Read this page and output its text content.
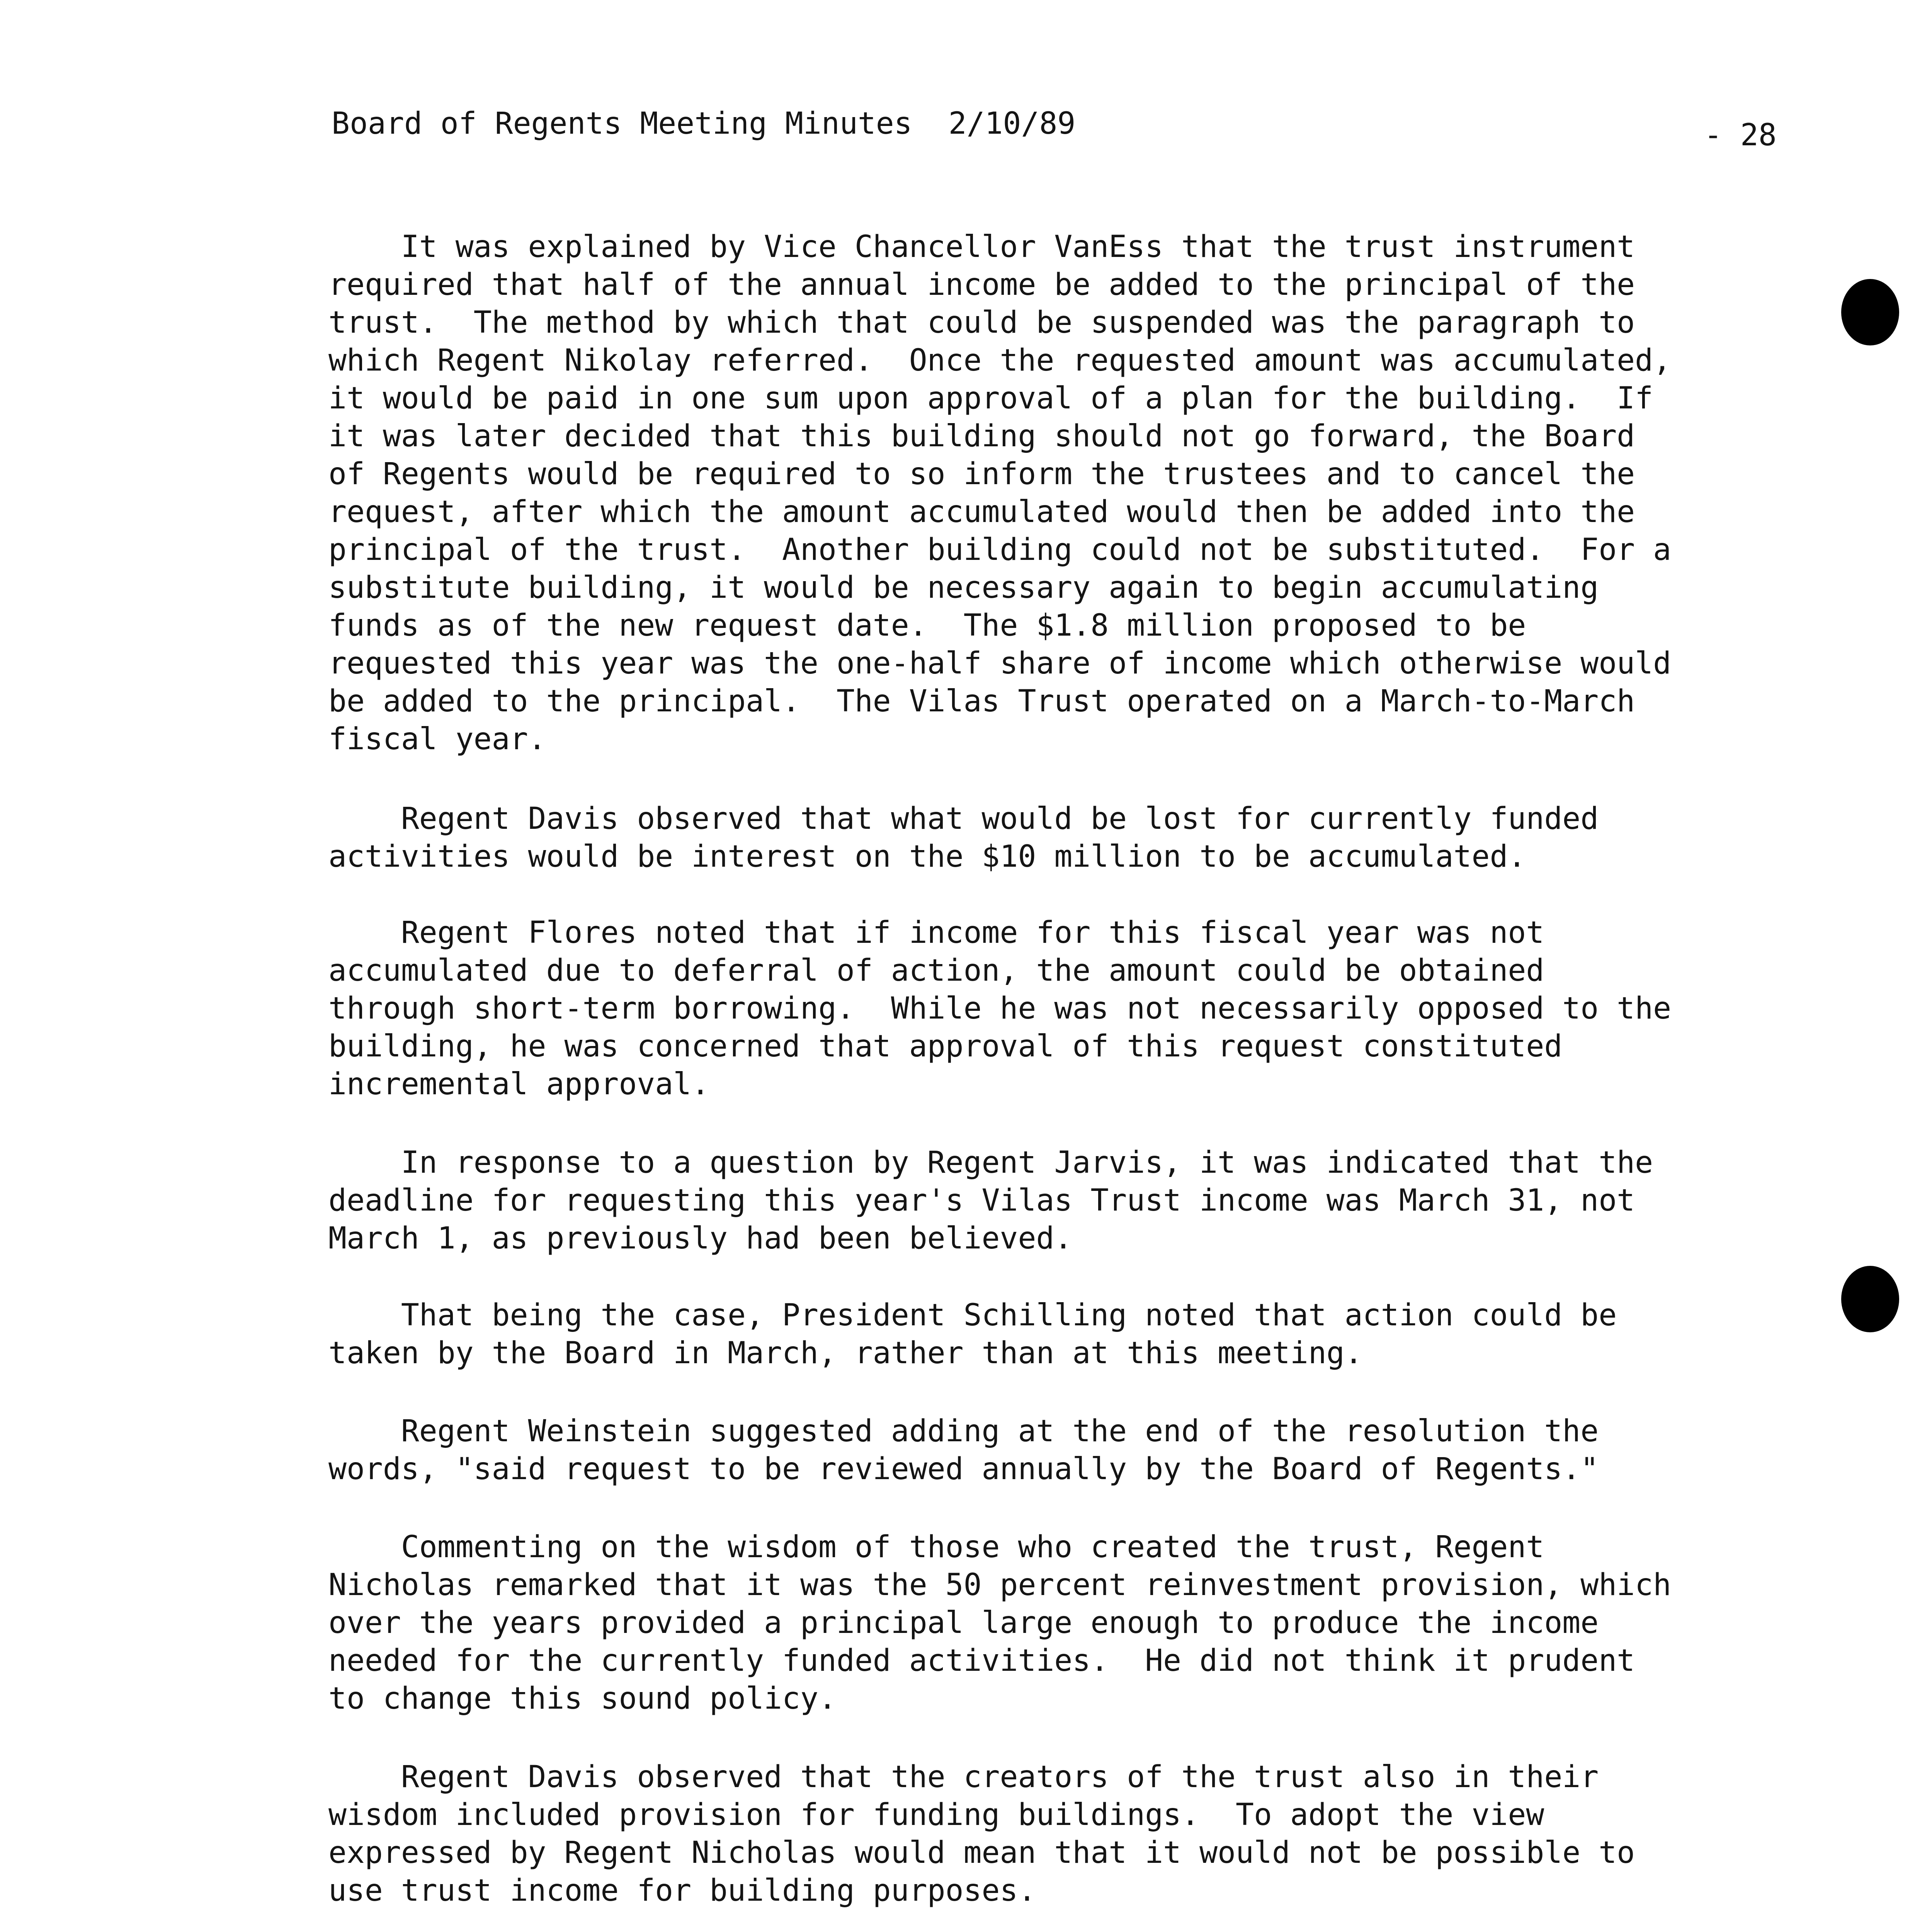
Board of Regents Meeting Minutes  2/10/89	- 28
It was explained by Vice Chancellor VanEss that the trust instrument
required that half of the annual income be added to the principal of the
trust.  The method by which that could be suspended was the paragraph to
which Regent Nikolay referred.  Once the requested amount was accumulated,
it would be paid in one sum upon approval of a plan for the building.  If
it was later decided that this building should not go forward, the Board
of Regents would be required to so inform the trustees and to cancel the
request, after which the amount accumulated would then be added into the
principal of the trust.  Another building could not be substituted.  For a
substitute building, it would be necessary again to begin accumulating
funds as of the new request date.  The $1.8 million proposed to be
requested this year was the one-half share of income which otherwise would
be added to the principal.  The Vilas Trust operated on a March-to-March
fiscal year.
Regent Davis observed that what would be lost for currently funded
activities would be interest on the $10 million to be accumulated.
Regent Flores noted that if income for this fiscal year was not
accumulated due to deferral of action, the amount could be obtained
through short-term borrowing.  While he was not necessarily opposed to the
building, he was concerned that approval of this request constituted
incremental approval.
In response to a question by Regent Jarvis, it was indicated that the
deadline for requesting this year's Vilas Trust income was March 31, not
March 1, as previously had been believed.
That being the case, President Schilling noted that action could be
taken by the Board in March, rather than at this meeting.
Regent Weinstein suggested adding at the end of the resolution the
words, "said request to be reviewed annually by the Board of Regents."
Commenting on the wisdom of those who created the trust, Regent
Nicholas remarked that it was the 50 percent reinvestment provision, which
over the years provided a principal large enough to produce the income
needed for the currently funded activities.  He did not think it prudent
to change this sound policy.
Regent Davis observed that the creators of the trust also in their
wisdom included provision for funding buildings.  To adopt the view
expressed by Regent Nicholas would mean that it would not be possible to
use trust income for building purposes.
